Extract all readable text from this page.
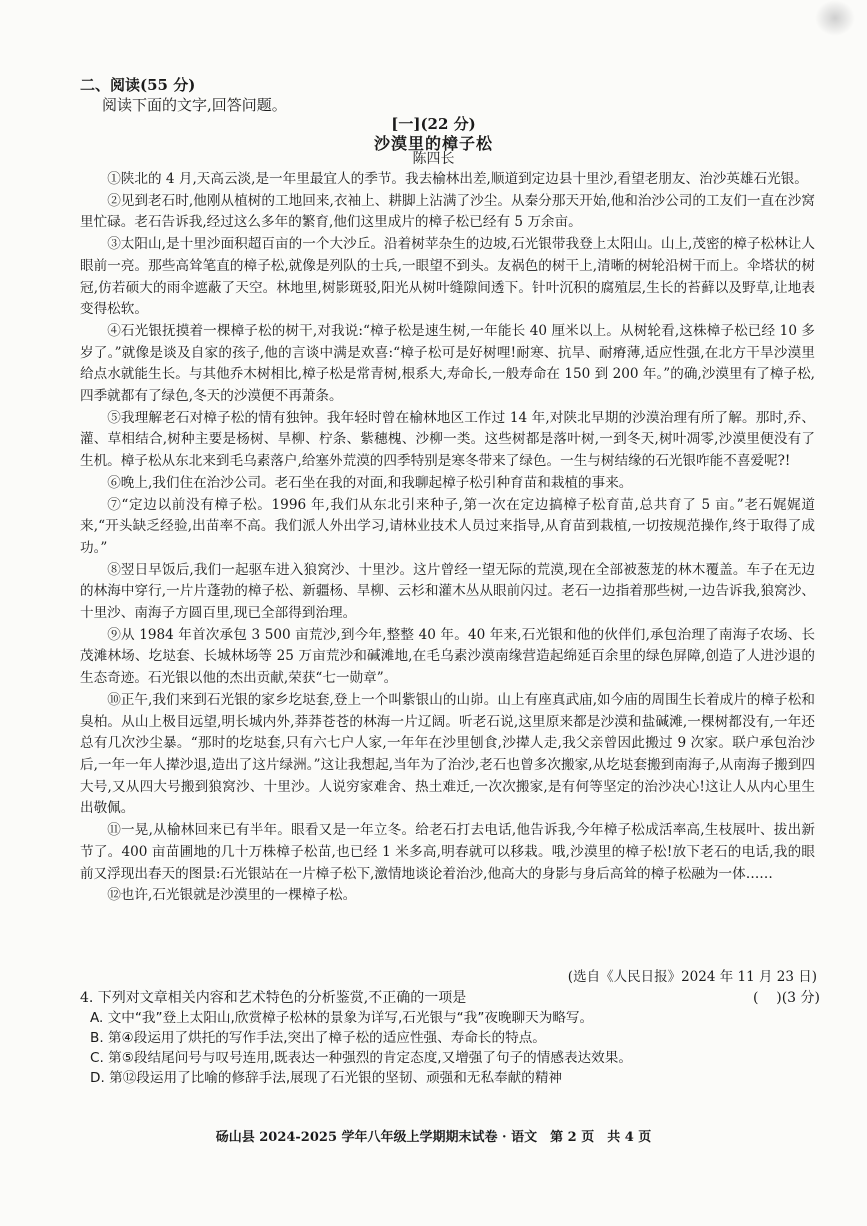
二、阅读(55 分)
阅读下面的文字,回答问题。
[一](22 分)
沙漠里的樟子松
陈四长

①陕北的 4 月,天高云淡,是一年里最宜人的季节。我去榆林出差,顺道到定边县十里沙,看望老朋友、治沙英雄石光银。

②见到老石时,他刚从植树的工地回来,衣袖上、耕脚上沾满了沙尘。从秦分那天开始,他和治沙公司的工友们一直在沙窝里忙碌。老石告诉我,经过这么多年的繁育,他们这里成片的樟子松已经有 5 万余亩。

③太阳山,是十里沙面积超百亩的一个大沙丘。沿着树苹杂生的边坡,石光银带我登上太阳山。山上,茂密的樟子松林让人眼前一亮。那些高耸笔直的樟子松,就像是列队的士兵,一眼望不到头。友祸色的树干上,清晰的树轮沿树干而上。伞塔状的树冠,仿若硕大的雨伞遮蔽了天空。林地里,树影斑驳,阳光从树叶缝隙间透下。针叶沉积的腐殖层,生长的苔藓以及野草,让地表变得松软。

④石光银抚摸着一棵樟子松的树干,对我说:“樟子松是速生树,一年能长 40 厘米以上。从树轮看,这株樟子松已经 10 多岁了。”就像是谈及自家的孩子,他的言谈中满是欢喜:“樟子松可是好树哩!耐寒、抗旱、耐瘠薄,适应性强,在北方干旱沙漠里给点水就能生长。与其他乔木树相比,樟子松是常青树,根系大,寿命长,一般寿命在 150 到 200 年。”的确,沙漠里有了樟子松,四季就都有了绿色,冬天的沙漠便不再萧条。

⑤我理解老石对樟子松的情有独钟。我年轻时曾在榆林地区工作过 14 年,对陕北早期的沙漠治理有所了解。那时,乔、灌、草相结合,树种主要是杨树、旱柳、柠条、紫穗槐、沙柳一类。这些树都是落叶树,一到冬天,树叶凋零,沙漠里便没有了生机。樟子松从东北来到毛乌素落户,给塞外荒漠的四季特别是寒冬带来了绿色。一生与树结缘的石光银咋能不喜爱呢?!

⑥晚上,我们住在治沙公司。老石坐在我的对面,和我聊起樟子松引种育苗和栽植的事来。

⑦“定边以前没有樟子松。1996 年,我们从东北引来种子,第一次在定边搞樟子松育苗,总共育了 5 亩。”老石娓娓道来,“开头缺乏经验,出苗率不高。我们派人外出学习,请林业技术人员过来指导,从育苗到栽植,一切按规范操作,终于取得了成功。”

⑧翌日早饭后,我们一起驱车进入狼窝沙、十里沙。这片曾经一望无际的荒漠,现在全部被葱茏的林木覆盖。车子在无边的林海中穿行,一片片蓬勃的樟子松、新疆杨、旱柳、云杉和灌木丛从眼前闪过。老石一边指着那些树,一边告诉我,狼窝沙、十里沙、南海子方圆百里,现已全部得到治理。

⑨从 1984 年首次承包 3 500 亩荒沙,到今年,整整 40 年。40 年来,石光银和他的伙伴们,承包治理了南海子农场、长茂滩林场、圪垯套、长城林场等 25 万亩荒沙和碱滩地,在毛乌素沙漠南缘营造起绵延百余里的绿色屏障,创造了人进沙退的生态奇迹。石光银以他的杰出贡献,荣获“七一勋章”。

⑩正午,我们来到石光银的家乡圪垯套,登上一个叫紫银山的山峁。山上有座真武庙,如今庙的周围生长着成片的樟子松和臭柏。从山上极目远望,明长城内外,莽莽苍苍的林海一片辽阔。听老石说,这里原来都是沙漠和盐碱滩,一棵树都没有,一年还总有几次沙尘暴。“那时的圪垯套,只有六七户人家,一年年在沙里刨食,沙撵人走,我父亲曾因此搬过 9 次家。联户承包治沙后,一年一年人撵沙退,造出了这片绿洲。”这让我想起,当年为了治沙,老石也曾多次搬家,从圪垯套搬到南海子,从南海子搬到四大号,又从四大号搬到狼窝沙、十里沙。人说穷家难舍、热土难迁,一次次搬家,是有何等坚定的治沙决心!这让人从内心里生出敬佩。

⑪一晃,从榆林回来已有半年。眼看又是一年立冬。给老石打去电话,他告诉我,今年樟子松成活率高,生枝展叶、拔出新节了。400 亩苗圃地的几十万株樟子松苗,也已经 1 米多高,明春就可以移栽。哦,沙漠里的樟子松!放下老石的电话,我的眼前又浮现出春天的图景:石光银站在一片樟子松下,激情地谈论着治沙,他高大的身影与身后高耸的樟子松融为一体……

⑫也许,石光银就是沙漠里的一棵樟子松。

(选自《人民日报》2024 年 11 月 23 日)
4. 下列对文章相关内容和艺术特色的分析鉴赏,不正确的一项是	(    )(3 分)
A. 文中“我”登上太阳山,欣赏樟子松林的景象为详写,石光银与“我”夜晚聊天为略写。
B. 第④段运用了烘托的写作手法,突出了樟子松的适应性强、寿命长的特点。
C. 第⑤段结尾问号与叹号连用,既表达一种强烈的肯定态度,又增强了句子的情感表达效果。
D. 第⑫段运用了比喻的修辞手法,展现了石光银的坚韧、顽强和无私奉献的精神
砀山县 2024-2025 学年八年级上学期期末试卷 · 语文　第 2 页　共 4 页
